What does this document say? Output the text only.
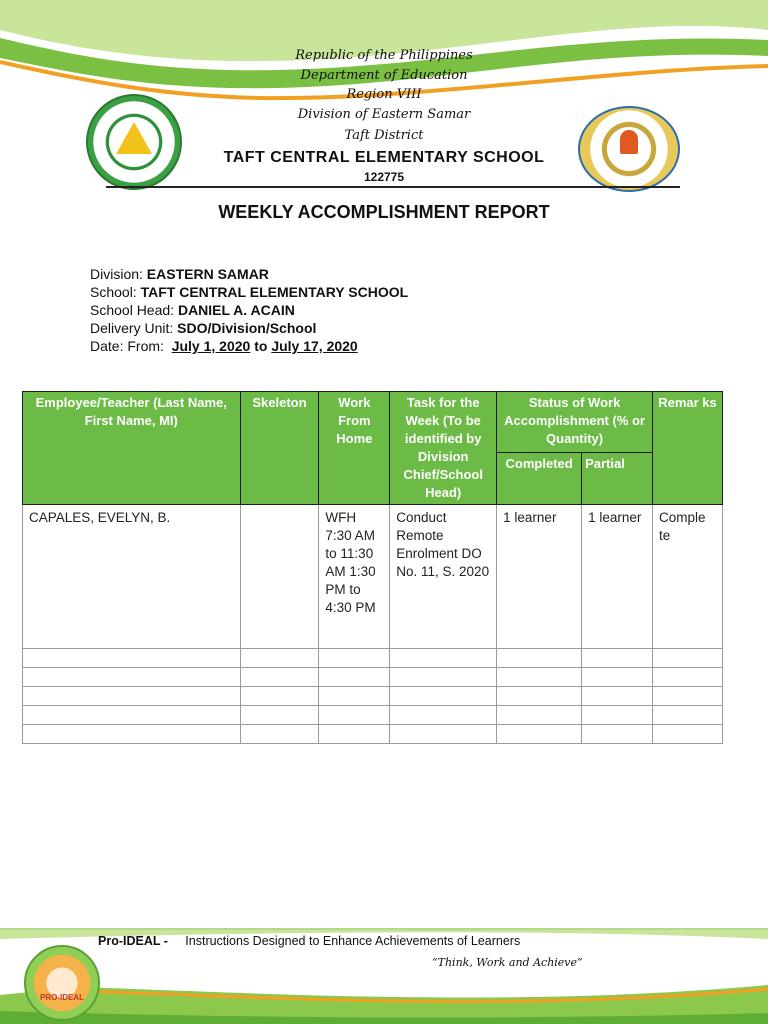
Republic of the Philippines
Department of Education
Region VIII
Division of Eastern Samar
Taft District
TAFT CENTRAL ELEMENTARY SCHOOL
122775
WEEKLY ACCOMPLISHMENT REPORT
Division: EASTERN SAMAR
School: TAFT CENTRAL ELEMENTARY SCHOOL
School Head: DANIEL A. ACAIN
Delivery Unit: SDO/Division/School
Date: From: July 1, 2020 to July 17, 2020
Employee/Teacher (Last Name, First Name, MI)	Skeleton	Work From Home	Task for the Week (To be identified by Division Chief/School Head)	Status of Work Accomplishment (% or Quantity)		Remar ks
				Completed	Partial	
CAPALES, EVELYN, B.		WFH 7:30 AM to 11:30 AM 1:30 PM to 4:30 PM	Conduct Remote Enrolment DO No. 11, S. 2020	1 learner	1 learner	Comple te

PRO-IDEAL
Pro-IDEAL - Instructions Designed to Enhance Achievements of Learners
“Think, Work and Achieve”
